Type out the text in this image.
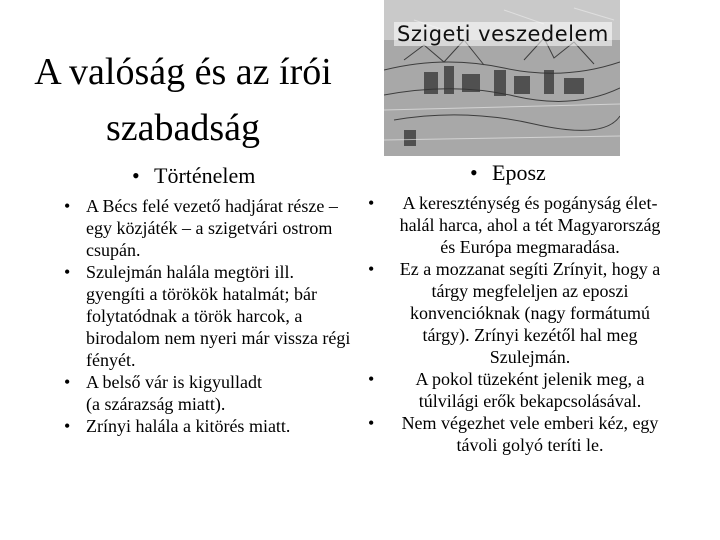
A valóság és az írói szabadság
Szigeti veszedelem
• Történelem	• Eposz
• A Bécs felé vezető hadjárat része – egy közjáték – a szigetvári ostrom csupán.
• Szulejmán halála megtöri ill. gyengíti a törökök hatalmát; bár folytatódnak a török harcok, a birodalom nem nyeri már vissza régi fényét.
• A belső vár is kigyulladt
(a szárazság miatt).
• Zrínyi halála a kitörés miatt.
•	A kereszténység és pogányság élet-halál harca, ahol a tét Magyarország és Európa megmaradása.
•	Ez a mozzanat segíti Zrínyit, hogy a tárgy megfeleljen az eposzi konvencióknak (nagy formátumú tárgy). Zrínyi kezétől hal meg Szulejmán.
•	A pokol tüzeként jelenik meg, a túlvilági erők bekapcsolásával.
•	Nem végezhet vele emberi kéz, egy távoli golyó teríti le.
